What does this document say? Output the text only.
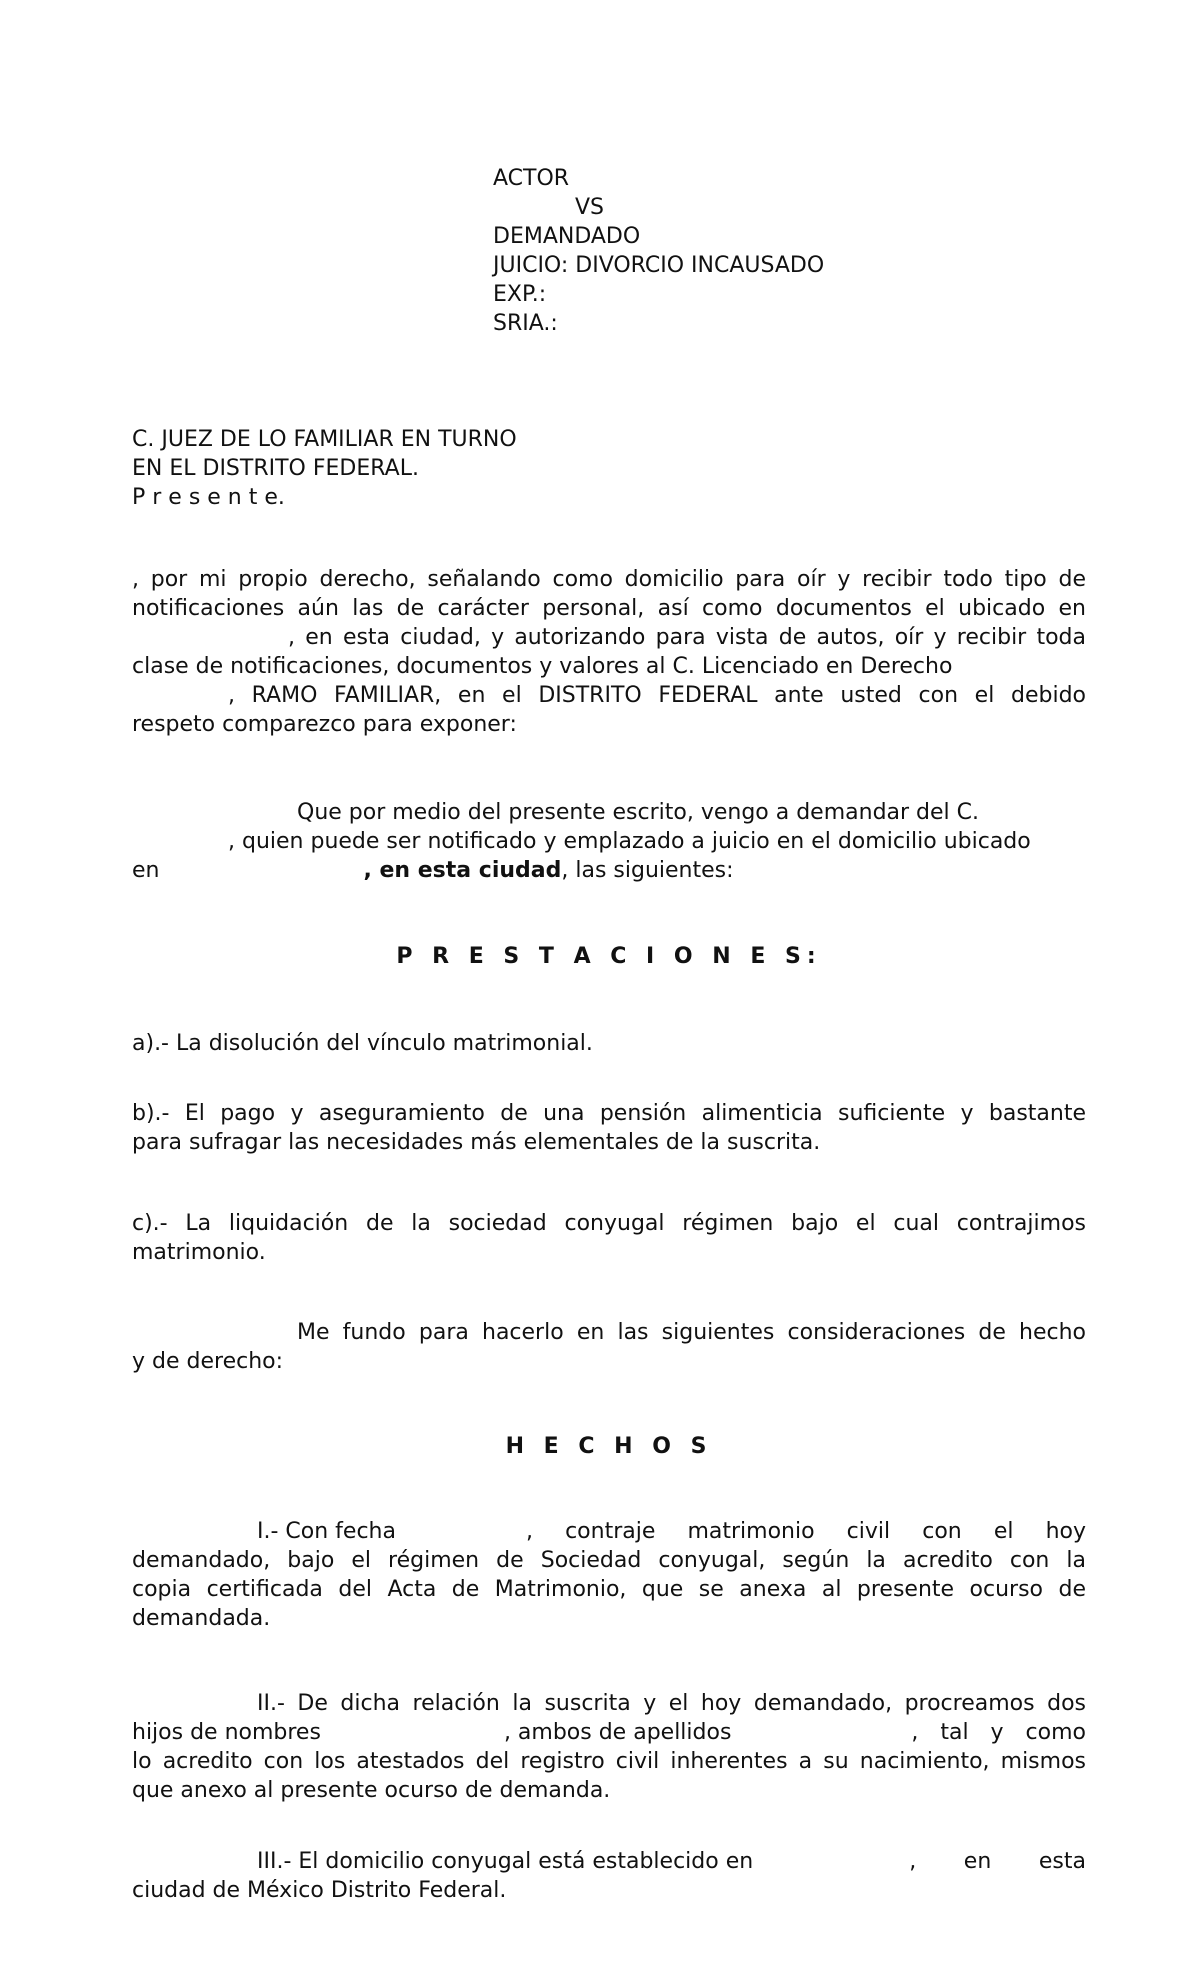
ACTOR
VS
DEMANDADO
JUICIO: DIVORCIO INCAUSADO
EXP.:
SRIA.:
C. JUEZ DE LO FAMILIAR EN TURNO
EN EL DISTRITO FEDERAL.
P r e s e n t e.
, por mi propio derecho, señalando como domicilio para oír y recibir todo tipo de
notificaciones aún las de carácter personal, así como documentos el ubicado en
, en esta ciudad, y autorizando para vista de autos, oír y recibir toda
clase de notificaciones, documentos y valores al C. Licenciado en Derecho
, RAMO FAMILIAR, en el DISTRITO FEDERAL ante usted con el debido
respeto comparezco para exponer:
Que por medio del presente escrito, vengo a demandar del C.
, quien puede ser notificado y emplazado a juicio en el domicilio ubicado
en	, en esta ciudad, las siguientes:
P R E S T A C I O N E S:
a).- La disolución del vínculo matrimonial.
b).- El pago y aseguramiento de una pensión alimenticia suficiente y bastante
para sufragar las necesidades más elementales de la suscrita.
c).- La liquidación de la sociedad conyugal régimen bajo el cual contrajimos
matrimonio.
Me fundo para hacerlo en las siguientes consideraciones de hecho
y de derecho:
H E C H O S
I.- Con fecha	, contraje matrimonio civil con el hoy
demandado, bajo el régimen de Sociedad conyugal, según la acredito con la
copia certificada del Acta de Matrimonio, que se anexa al presente ocurso de
demandada.
II.- De dicha relación la suscrita y el hoy demandado, procreamos dos
hijos de nombres	, ambos de apellidos	, tal y como
lo acredito con los atestados del registro civil inherentes a su nacimiento, mismos
que anexo al presente ocurso de demanda.
III.- El domicilio conyugal está establecido en	, en esta
ciudad de México Distrito Federal.
